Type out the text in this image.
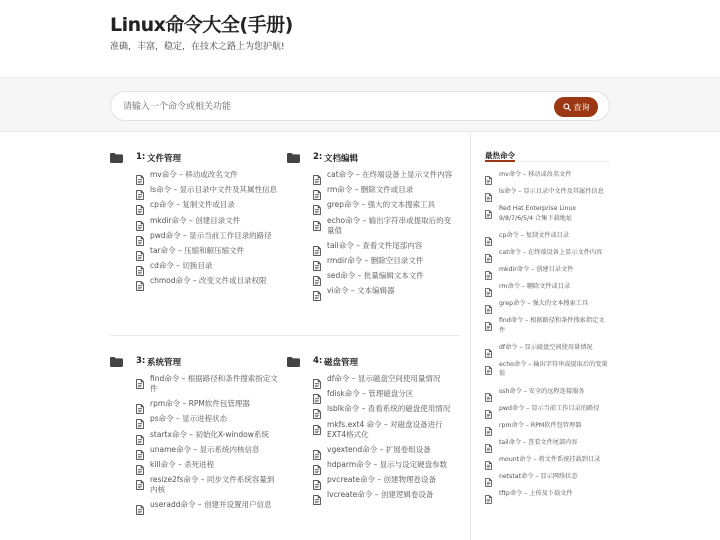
Linux命令大全(手册)
准确，丰富，稳定，在技术之路上为您护航!
请输入一个命令或相关功能
查询
1: 文件管理
mv命令 – 移动或改名文件
ls命令 – 显示目录中文件及其属性信息
cp命令 – 复制文件或目录
mkdir命令 – 创建目录文件
pwd命令 – 显示当前工作目录的路径
tar命令 – 压缩和解压缩文件
cd命令 – 切换目录
chmod命令 – 改变文件或目录权限
2: 文档编辑
cat命令 – 在终端设备上显示文件内容
rm命令 – 删除文件或目录
grep命令 – 强大的文本搜索工具
echo命令 – 输出字符串或提取后的变量值
tail命令 – 查看文件尾部内容
rmdir命令 – 删除空目录文件
sed命令 – 批量编辑文本文件
vi命令 – 文本编辑器
3: 系统管理
find命令 – 根据路径和条件搜索指定文件
rpm命令 – RPM软件包管理器
ps命令 – 显示进程状态
startx命令 – 初始化X-window系统
uname命令 – 显示系统内核信息
kill命令 – 杀死进程
resize2fs命令 – 同步文件系统容量到内核
useradd命令 – 创建并设置用户信息
4: 磁盘管理
df命令 – 显示磁盘空间使用量情况
fdisk命令 – 管理磁盘分区
lsblk命令 – 查看系统的磁盘使用情况
mkfs.ext4 命令 – 对磁盘设备进行EXT4格式化
vgextend命令 – 扩展卷组设备
hdparm命令 – 显示与设定硬盘参数
pvcreate命令 – 创建物理卷设备
lvcreate命令 – 创建逻辑卷设备
最热命令
mv命令 – 移动或改名文件
ls命令 – 显示目录中文件及其属性信息
Red Hat Enterprise Linux 9/8/7/6/5/4 合集下载地址
cp命令 – 复制文件或目录
cat命令 – 在终端设备上显示文件内容
mkdir命令 – 创建目录文件
rm命令 – 删除文件或目录
grep命令 – 强大的文本搜索工具
find命令 – 根据路径和条件搜索指定文件
df命令 – 显示磁盘空间使用量情况
echo命令 – 输出字符串或提取后的变量值
ssh命令 – 安全的远程连接服务
pwd命令 – 显示当前工作目录的路径
rpm命令 – RPM软件包管理器
tail命令 – 查看文件尾部内容
mount命令 – 将文件系统挂载到目录
netstat命令 – 显示网络状态
tftp命令 – 上传及下载文件
